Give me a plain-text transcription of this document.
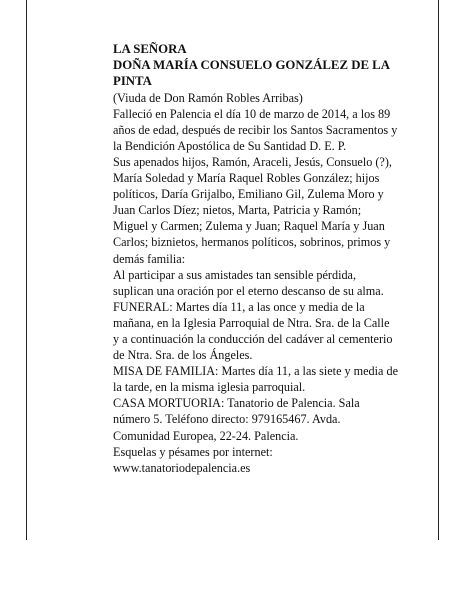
LA SEÑORA
DOÑA MARÍA CONSUELO GONZÁLEZ DE LA PINTA

(Viuda de Don Ramón Robles Arribas)

Falleció en Palencia el día 10 de marzo de 2014, a los 89 años de edad, después de recibir los Santos Sacramentos y la Bendición Apostólica de Su Santidad D. E. P.

Sus apenados hijos, Ramón, Araceli, Jesús, Consuelo (?), María Soledad y María Raquel Robles González; hijos políticos, Daría Grijalbo, Emiliano Gil, Zulema Moro y Juan Carlos Díez; nietos, Marta, Patricia y Ramón; Miguel y Carmen; Zulema y Juan; Raquel María y Juan Carlos; biznietos, hermanos políticos, sobrinos, primos y demás familia:

Al participar a sus amistades tan sensible pérdida, suplican una oración por el eterno descanso de su alma.

FUNERAL: Martes día 11, a las once y media de la mañana, en la Iglesia Parroquial de Ntra. Sra. de la Calle y a continuación la conducción del cadáver al cementerio de Ntra. Sra. de los Ángeles.

MISA DE FAMILIA: Martes día 11, a las siete y media de la tarde, en la misma iglesia parroquial.

CASA MORTUORIA: Tanatorio de Palencia. Sala número 5. Teléfono directo: 979165467. Avda. Comunidad Europea, 22-24. Palencia.

Esquelas y pésames por internet:

www.tanatoriodepalencia.es
